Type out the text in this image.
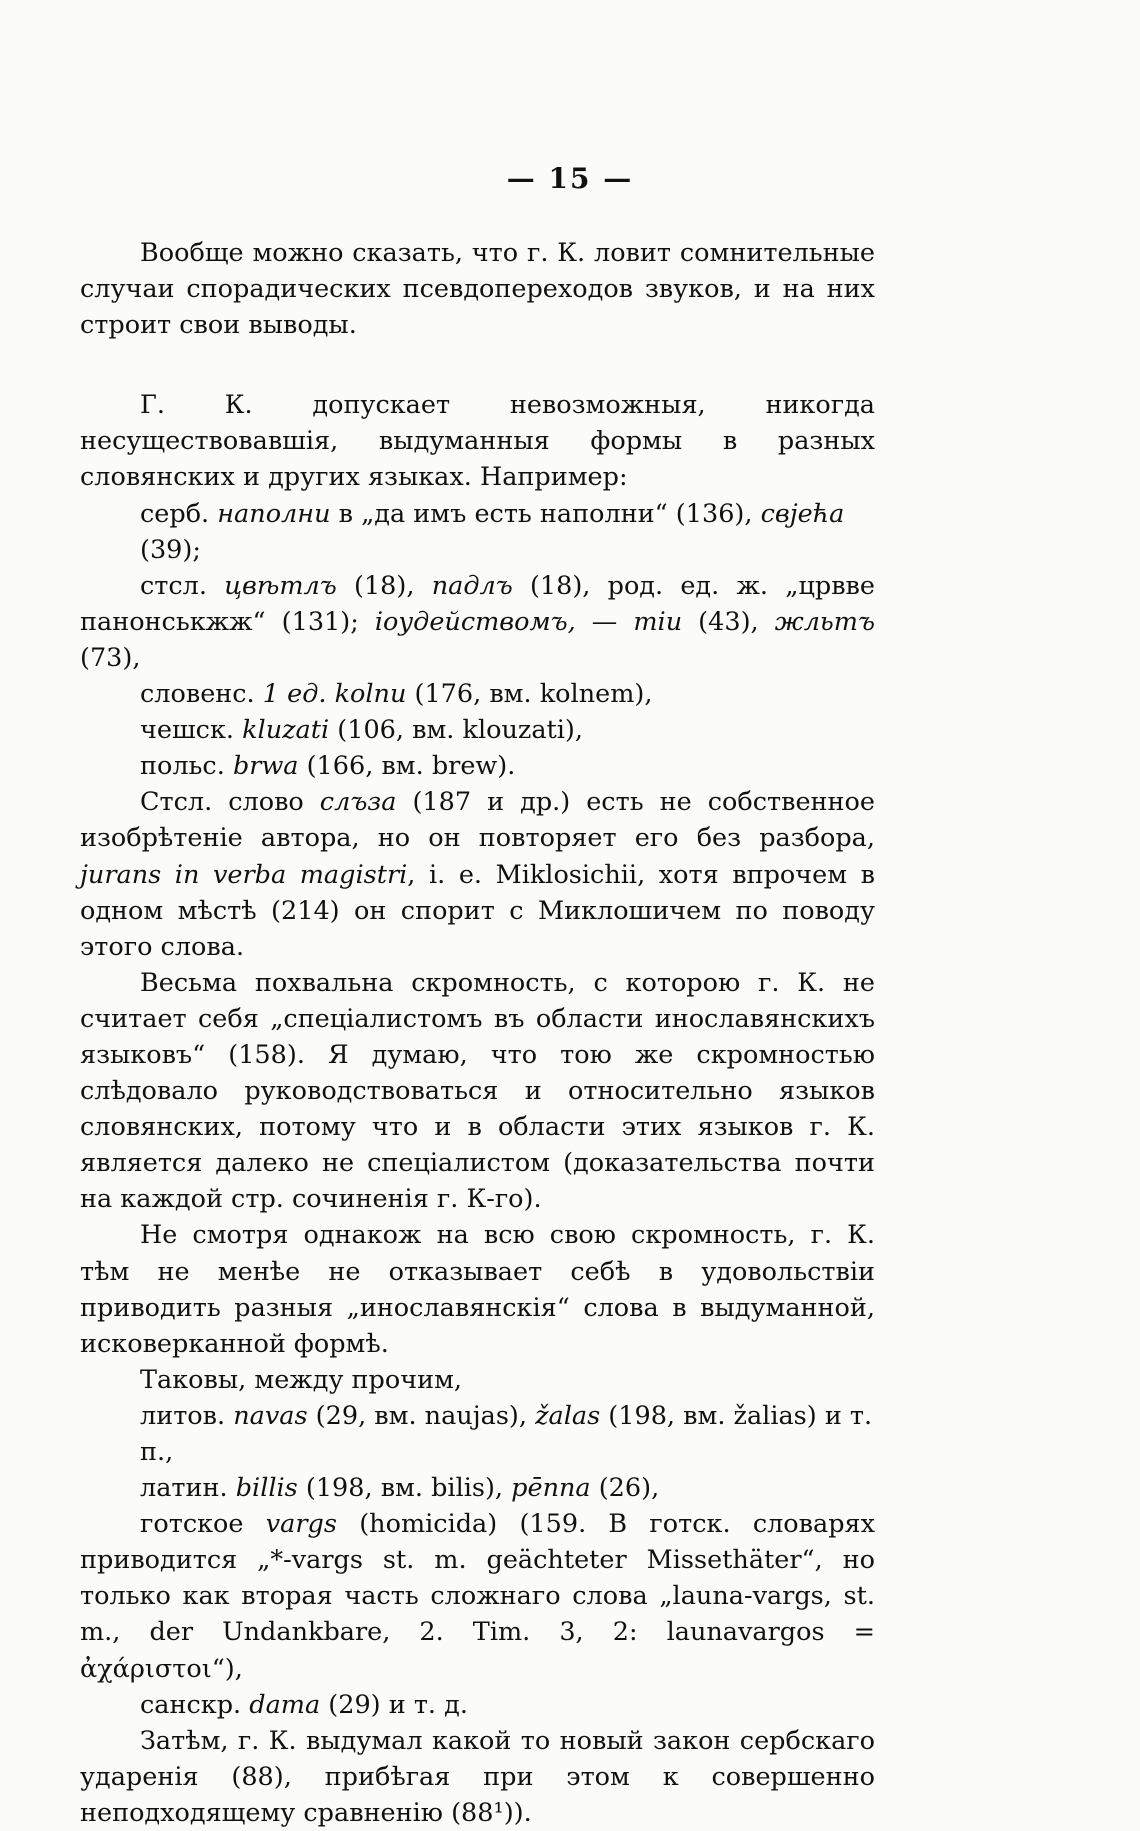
— 15 —

Вообще можно сказать, что г. К. ловит сомнительные случаи спорадических псевдопереходов звуков, и на них строит свои выводы.

Г. К. допускает невозможныя, никогда несуществовавшія, выдуманныя формы в разных словянских и других языках. Например:

серб. наполни в „да имъ есть наполни“ (136), свјећа (39);

стсл. цвѣтлъ (18), падлъ (18), род. ед. ж. „црвве панонськжж“ (131); іоудействомъ, — тіи (43), жльтъ (73),

словенс. 1 ед. kolnu (176, вм. kolnem),

чешск. kluzati (106, вм. klouzati),

польс. brwa (166, вм. brew).

Стсл. слово слъза (187 и др.) есть не собственное изобрѣтеніе автора, но он повторяет его без разбора, jurans in verba magistri, i. e. Miklosichii, хотя впрочем в одном мѣстѣ (214) он спорит с Миклошичем по поводу этого слова.

Весьма похвальна скромность, с которою г. К. не считает себя „спеціалистомъ въ области инославянскихъ языковъ“ (158). Я думаю, что тою же скромностью слѣдовало руководствоваться и относительно языков словянских, потому что и в области этих языков г. К. является далеко не спеціалистом (доказательства почти на каждой стр. сочиненія г. К-го).

Не смотря однакож на всю свою скромность, г. К. тѣм не менѣе не отказывает себѣ в удовольствіи приводить разныя „инославянскія“ слова в выдуманной, исковерканной формѣ.

Таковы, между прочим,

литов. navas (29, вм. naujas), žalas (198, вм. žalias) и т. п.,

латин. billis (198, вм. bilis), pēnna (26),

готское vargs (homicida) (159. В готск. словарях приводится „*-vargs st. m. geächteter Missethäter“, но только как вторая часть сложнаго слова „launa-vargs, st. m., der Undankbare, 2. Tim. 3, 2: launavargos = ἀχάριστοι“),

санскр. dama (29) и т. д.

Затѣм, г. К. выдумал какой то новый закон сербскаго ударенія (88), прибѣгая при этом к совершенно неподходящему сравненію (88¹)).
